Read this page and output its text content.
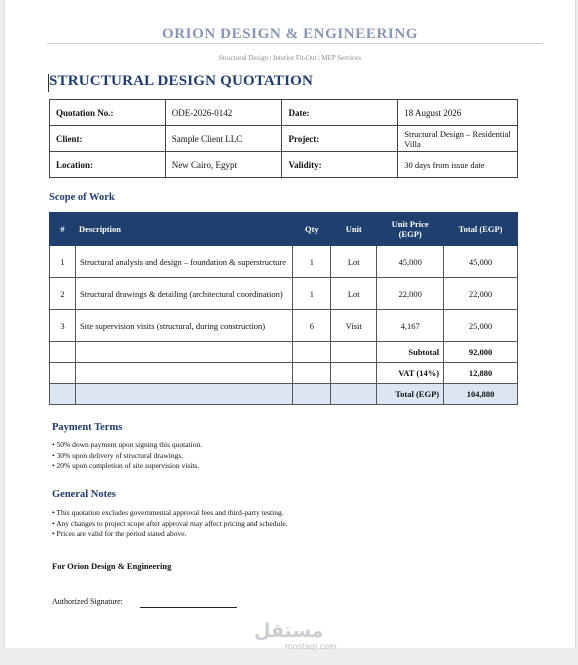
ORION DESIGN & ENGINEERING
Structural Design | Interior Fit-Out | MEP Services
STRUCTURAL DESIGN QUOTATION
Quotation No.:	ODE-2026-0142	Date:	18 August 2026
Client:	Sample Client LLC	Project:	Structural Design – Residential Villa
Location:	New Cairo, Egypt	Validity:	30 days from issue date
Scope of Work
#	Description	Qty	Unit	Unit Price (EGP)	Total (EGP)
1	Structural analysis and design – foundation & superstructure	1	Lot	45,000	45,000
2	Structural drawings & detailing (architectural coordination)	1	Lot	22,000	22,000
3	Site supervision visits (structural, during construction)	6	Visit	4,167	25,000
				Subtotal	92,000
				VAT (14%)	12,880
				Total (EGP)	104,880
Payment Terms
• 50% down payment upon signing this quotation.
• 30% upon delivery of structural drawings.
• 20% upon completion of site supervision visits.
General Notes
• This quotation excludes governmental approval fees and third-party testing.
• Any changes to project scope after approval may affect pricing and schedule.
• Prices are valid for the period stated above.
For Orion Design & Engineering
Authorized Signature:
مستقل
mostaql.com
